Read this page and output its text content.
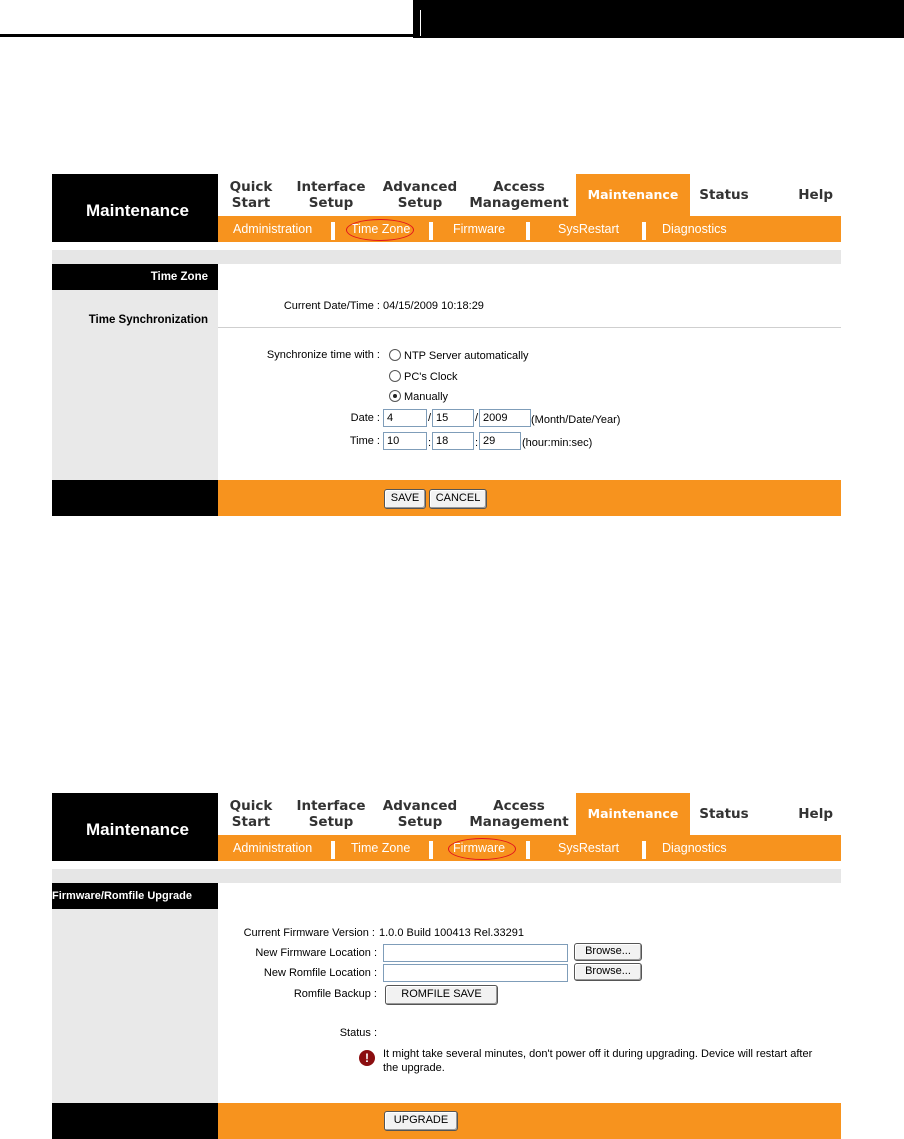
Maintenance
Quick
Start
Interface
Setup
Advanced
Setup
Access
Management
Maintenance Status	Help
Administration	Time Zone	Firmware	SysRestart	Diagnostics
Time Zone
Time Synchronization
Current Date/Time : 04/15/2009 10:18:29
Synchronize time with : NTP Server automatically
PC's Clock
Manually
Date : 4	/ 15	/ 2009	(Month/Date/Year)
Time : 10	: 18	: 29	(hour:min:sec)
SAVE	CANCEL
Maintenance
Quick
Start
Interface
Setup
Advanced
Setup
Access
Management
Maintenance Status	Help
Administration	Time Zone	Firmware	SysRestart	Diagnostics
Firmware/Romfile Upgrade
Current Firmware Version : 1.0.0 Build 100413 Rel.33291
New Firmware Location :	Browse...
New Romfile Location :	Browse...
Romfile Backup :	ROMFILE SAVE
Status :
!	It might take several minutes, don't power off it during upgrading. Device will restart after
the upgrade.
UPGRADE
